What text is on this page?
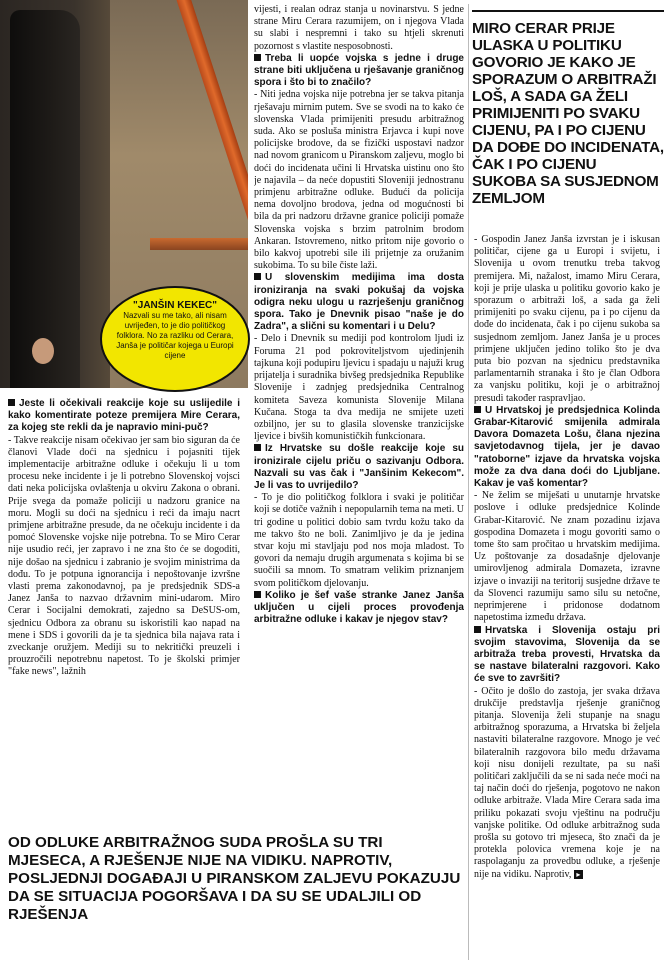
"JANŠIN KEKEC"
Nazvali su me tako, ali nisam uvrijeđen, to je dio političkog folklora. No za razliku od Cerara, Janša je političar kojega u Europi cijene
MIRO CERAR PRIJE ULASKA U POLITIKU GOVORIO JE KAKO JE SPORAZUM O ARBITRAŽI LOŠ, A SADA GA ŽELI PRIMIJENITI PO SVAKU CIJENU, PA I PO CIJENU DA DOĐE DO INCIDENATA, ČAK I PO CIJENU SUKOBA SA SUSJEDNOM ZEMLJOM

Jeste li očekivali reakcije koje su uslijedile i kako komentirate poteze premijera Mire Cerara, za kojeg ste rekli da je napravio mini-puč?

- Takve reakcije nisam očekivao jer sam bio siguran da će članovi Vlade doći na sjednicu i pojasniti tijek implementacije arbitražne odluke i očekuju li u tom procesu neke incidente i je li potrebno Slovenskoj vojsci dati neka policijska ovlaštenja u okviru Zakona o obrani. Prije svega da pomaže policiji u nadzoru granice na moru. Mogli su doći na sjednicu i reći da imaju nacrt primjene arbitražne presude, da ne očekuju incidente i da pomoć Slovenske vojske nije potrebna. To se Miro Cerar nije usudio reći, jer zapravo i ne zna što će se dogoditi, nije došao na sjednicu i zabranio je svojim ministrima da dođu. To je potpuna ignorancija i nepoštovanje izvršne vlasti prema zakonodavnoj, pa je predsjednik SDS-a Janez Janša to nazvao državnim mini-udarom. Miro Cerar i Socijalni demokrati, zajedno sa DeSUS-om, sjednicu Odbora za obranu su iskoristili kao napad na mene i SDS i govorili da je ta sjednica bila najava rata i zveckanje oružjem. Mediji su to nekritički preuzeli i prouzročili nepotrebnu napetost. To je školski primjer "fake news", lažnih

vijesti, i realan odraz stanja u novinarstvu. S jedne strane Miru Cerara razumijem, on i njegova Vlada su slabi i nespremni i tako su htjeli skrenuti pozornost s vlastite nesposobnosti.

Treba li uopće vojska s jedne i druge strane biti uključena u rješavanje graničnog spora i što bi to značilo?

- Niti jedna vojska nije potrebna jer se takva pitanja rješavaju mirnim putem. Sve se svodi na to kako će slovenska Vlada primijeniti presudu arbitražnog suda. Ako se posluša ministra Erjavca i kupi nove policijske brodove, da se fizički uspostavi nadzor nad novom granicom u Piranskom zaljevu, moglo bi doći do incidenata učini li Hrvatska uistinu ono što je najavila – da neće dopustiti Sloveniji jednostranu primjenu arbitražne odluke. Budući da policija nema dovoljno brodova, jedna od mogućnosti bi bila da pri nadzoru državne granice policiji pomaže Slovenska vojska s brzim patrolnim brodom Ankaran. Istovremeno, nitko pritom nije govorio o bilo kakvoj upotrebi sile ili prijetnje za oružanim sukobima. To su bile čiste laži.

U slovenskim medijima ima dosta ironiziranja na svaki pokušaj da vojska odigra neku ulogu u razrješenju graničnog spora. Tako je Dnevnik pisao "naše je do Zadra", a slični su komentari i u Delu?

- Delo i Dnevnik su mediji pod kontrolom ljudi iz Foruma 21 pod pokroviteljstvom ujedinjenih tajkuna koji podupiru ljevicu i spadaju u najuži krug prijatelja i suradnika bivšeg predsjednika Republike Slovenije i zadnjeg predsjednika Centralnog komiteta Saveza komunista Slovenije Milana Kučana. Stoga ta dva medija ne smijete uzeti ozbiljno, jer su to glasila slovenske tranzicijske ljevice i bivših komunističkih funkcionara.

Iz Hrvatske su došle reakcije koje su ironizirale cijelu priču o sazivanju Odbora. Nazvali su vas čak i "Janšinim Kekecom". Je li vas to uvrijedilo?

- To je dio političkog folklora i svaki je političar koji se dotiče važnih i nepopularnih tema na meti. U tri godine u politici dobio sam tvrdu kožu tako da me takvo što ne boli. Zanimljivo je da je jedina stvar koju mi stavljaju pod nos moja mladost. To govori da nemaju drugih argumenata s kojima bi se suočili sa mnom. To smatram velikim priznanjem svom političkom djelovanju.

Koliko je šef vaše stranke Janez Janša uključen u cijeli proces provođenja arbitražne odluke i kakav je njegov stav?

- Gospodin Janez Janša izvrstan je i iskusan političar, cijene ga u Europi i svijetu, i Slovenija u ovom trenutku treba takvog premijera. Mi, nažalost, imamo Miru Cerara, koji je prije ulaska u politiku govorio kako je sporazum o arbitraži loš, a sada ga želi primijeniti po svaku cijenu, pa i po cijenu da dođe do incidenata, čak i po cijenu sukoba sa susjednom zemljom. Janez Janša je u proces primjene uključen jedino toliko što je dva puta bio pozvan na sjednicu predstavnika parlamentarnih stranaka i što je član Odbora za vanjsku politiku, koji je o arbitražnoj presudi također raspravljao.

U Hrvatskoj je predsjednica Kolinda Grabar-Kitarović smijenila admirala Davora Domazeta Lošu, člana njezina savjetodavnog tijela, jer je davao "ratoborne" izjave da hrvatska vojska može za dva dana doći do Ljubljane. Kakav je vaš komentar?

- Ne želim se miješati u unutarnje hrvatske poslove i odluke predsjednice Kolinde Grabar-Kitarović. Ne znam pozadinu izjava gospodina Domazeta i mogu govoriti samo o tome što sam pročitao u hrvatskim medijima. Uz poštovanje za dosadašnje djelovanje umirovljenog admirala Domazeta, izravne izjave o invaziji na teritorij susjedne države te da Slovenci razumiju samo silu su netočne, neprimjerene i pridonose dodatnom napetostima između država.

Hrvatska i Slovenija ostaju pri svojim stavovima, Slovenija da se arbitraža treba provesti, Hrvatska da se nastave bilateralni razgovori. Kako će sve to završiti?

- Očito je došlo do zastoja, jer svaka država drukčije predstavlja rješenje graničnog pitanja. Slovenija želi stupanje na snagu arbitražnog sporazuma, a Hrvatska bi željela nastaviti bilateralne razgovore. Mnogo je već bilateralnih razgovora bilo među državama koji nisu donijeli rezultate, pa su naši političari zaključili da se ni sada neće moći na taj način doći do rješenja, pogotovo ne nakon odluke arbitraže. Vlada Mire Cerara sada ima priliku pokazati svoju vještinu na području vanjske politike. Od odluke arbitražnog suda prošla su gotovo tri mjeseca, što znači da je protekla polovica vremena koje je na raspolaganju za provedbu odluke, a rješenje nije na vidiku. Naprotiv, ▸

OD ODLUKE ARBITRAŽNOG SUDA PROŠLA SU TRI MJESECA, A RJEŠENJE NIJE NA VIDIKU. NAPROTIV, POSLJEDNJI DOGAĐAJI U PIRANSKOM ZALJEVU POKAZUJU DA SE SITUACIJA POGORŠAVA I DA SU SE UDALJILI OD RJEŠENJA
